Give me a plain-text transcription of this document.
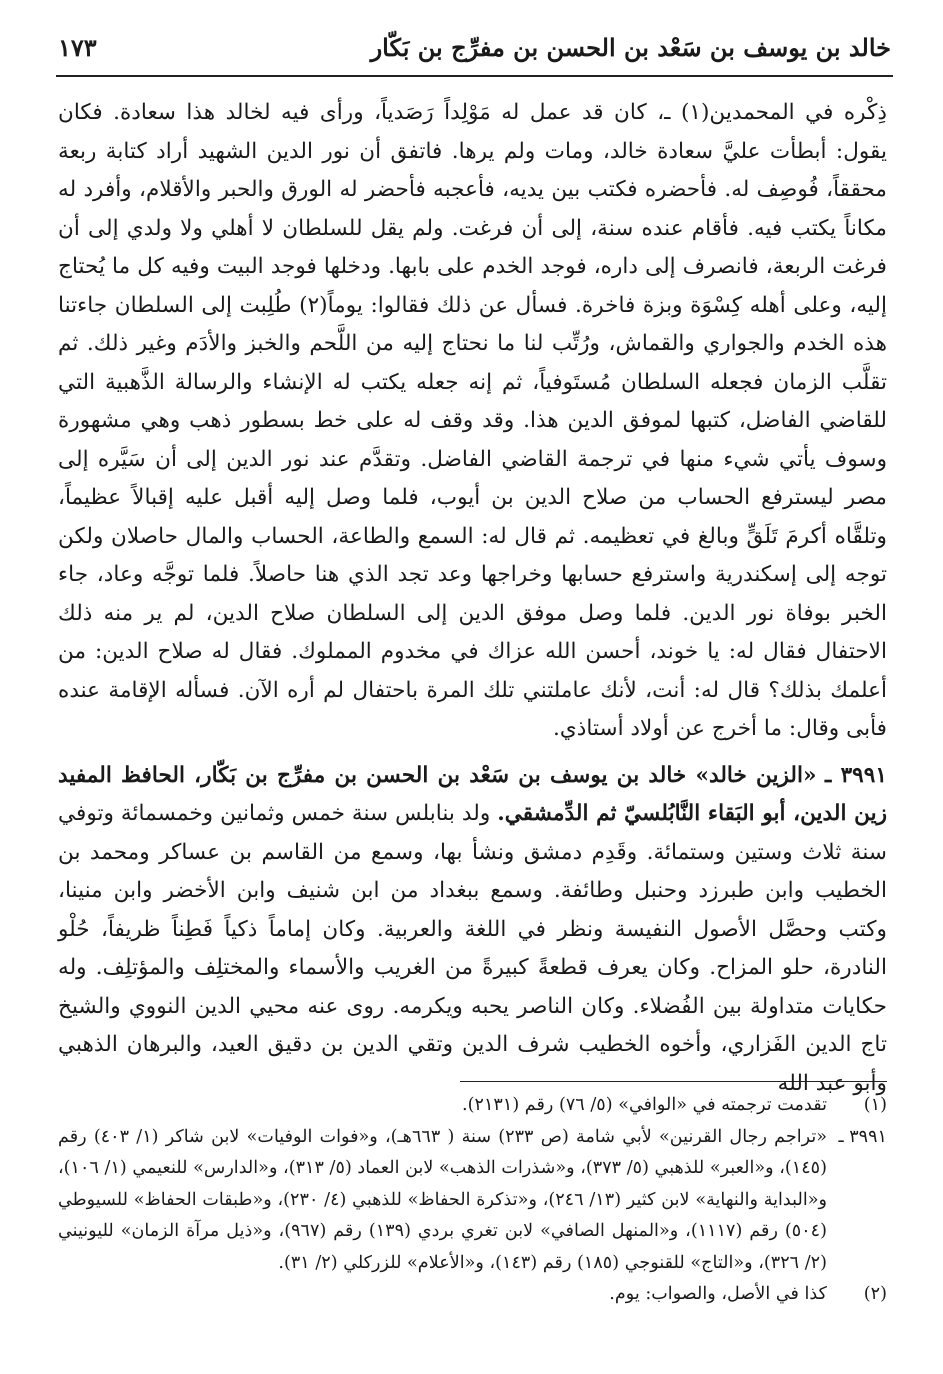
خالد بن يوسف بن سَعْد بن الحسن بن مفرِّج بن بَكّار
١٧٣

ذِكْره في المحمدين(١) ـ، كان قد عمل له مَوْلِداً رَصَدياً، ورأى فيه لخالد هذا سعادة. فكان يقول: أبطأت عليَّ سعادة خالد، ومات ولم يرها. فاتفق أن نور الدين الشهيد أراد كتابة ربعة محققاً، فُوصِف له. فأحضره فكتب بين يديه، فأعجبه فأحضر له الورق والحبر والأقلام، وأفرد له مكاناً يكتب فيه. فأقام عنده سنة، إلى أن فرغت. ولم يقل للسلطان لا أهلي ولا ولدي إلى أن فرغت الربعة، فانصرف إلى داره، فوجد الخدم على بابها. ودخلها فوجد البيت وفيه كل ما يُحتاج إليه، وعلى أهله كِسْوَة وبزة فاخرة. فسأل عن ذلك فقالوا: يوماً(٢) طُلِبت إلى السلطان جاءتنا هذه الخدم والجواري والقماش، ورُتِّب لنا ما نحتاج إليه من اللَّحم والخبز والأدَم وغير ذلك. ثم تقلَّب الزمان فجعله السلطان مُستَوفياً، ثم إنه جعله يكتب له الإنشاء والرسالة الذَّهبية التي للقاضي الفاضل، كتبها لموفق الدين هذا. وقد وقف له على خط بسطور ذهب وهي مشهورة وسوف يأتي شيء منها في ترجمة القاضي الفاضل. وتقدَّم عند نور الدين إلى أن سَيَّره إلى مصر ليسترفع الحساب من صلاح الدين بن أيوب، فلما وصل إليه أقبل عليه إقبالاً عظيماً، وتلقَّاه أكرمَ تَلَقٍّ وبالغ في تعظيمه. ثم قال له: السمع والطاعة، الحساب والمال حاصلان ولكن توجه إلى إسكندرية واسترفع حسابها وخراجها وعد تجد الذي هنا حاصلاً. فلما توجَّه وعاد، جاء الخبر بوفاة نور الدين. فلما وصل موفق الدين إلى السلطان صلاح الدين، لم ير منه ذلك الاحتفال فقال له: يا خوند، أحسن الله عزاك في مخدوم المملوك. فقال له صلاح الدين: من أعلمك بذلك؟ قال له: أنت، لأنك عاملتني تلك المرة باحتفال لم أره الآن. فسأله الإقامة عنده فأبى وقال: ما أخرج عن أولاد أستاذي.

٣٩٩١ ـ «الزين خالد» خالد بن يوسف بن سَعْد بن الحسن بن مفرِّج بن بَكّار، الحافظ المفيد زين الدين، أبو البَقاء النَّابُلسيّ ثم الدِّمشقي. ولد بنابلس سنة خمس وثمانين وخمسمائة وتوفي سنة ثلاث وستين وستمائة. وقَدِم دمشق ونشأ بها، وسمع من القاسم بن عساكر ومحمد بن الخطيب وابن طبرزد وحنبل وطائفة. وسمع ببغداد من ابن شنيف وابن الأخضر وابن منينا، وكتب وحصَّل الأصول النفيسة ونظر في اللغة والعربية. وكان إماماً ذكياً فَطِناً ظريفاً، حُلْو النادرة، حلو المزاح. وكان يعرف قطعةً كبيرةً من الغريب والأسماء والمختلِف والمؤتلِف. وله حكايات متداولة بين الفُضلاء. وكان الناصر يحبه ويكرمه. روى عنه محيي الدين النووي والشيخ تاج الدين الفَزاري، وأخوه الخطيب شرف الدين وتقي الدين بن دقيق العيد، والبرهان الذهبي وأبو عبد الله

(١)
تقدمت ترجمته في «الوافي» (٥/ ٧٦) رقم (٢١٣١).
٣٩٩١ ـ
«تراجم رجال القرنين» لأبي شامة (ص ٢٣٣) سنة ( ٦٦٣هـ)، و«فوات الوفيات» لابن شاكر (١/ ٤٠٣) رقم (١٤٥)، و«العبر» للذهبي (٥/ ٣٧٣)، و«شذرات الذهب» لابن العماد (٥/ ٣١٣)، و«الدارس» للنعيمي (١/ ١٠٦)، و«البداية والنهاية» لابن كثير (١٣/ ٢٤٦)، و«تذكرة الحفاظ» للذهبي (٤/ ٢٣٠)، و«طبقات الحفاظ» للسيوطي (٥٠٤) رقم (١١١٧)، و«المنهل الصافي» لابن تغري بردي (١٣٩) رقم (٩٦٧)، و«ذيل مرآة الزمان» لليونيني (٢/ ٣٢٦)، و«التاج» للقنوجي (١٨٥) رقم (١٤٣)، و«الأعلام» للزركلي (٢/ ٣١).
(٢)
كذا في الأصل، والصواب: يوم.
